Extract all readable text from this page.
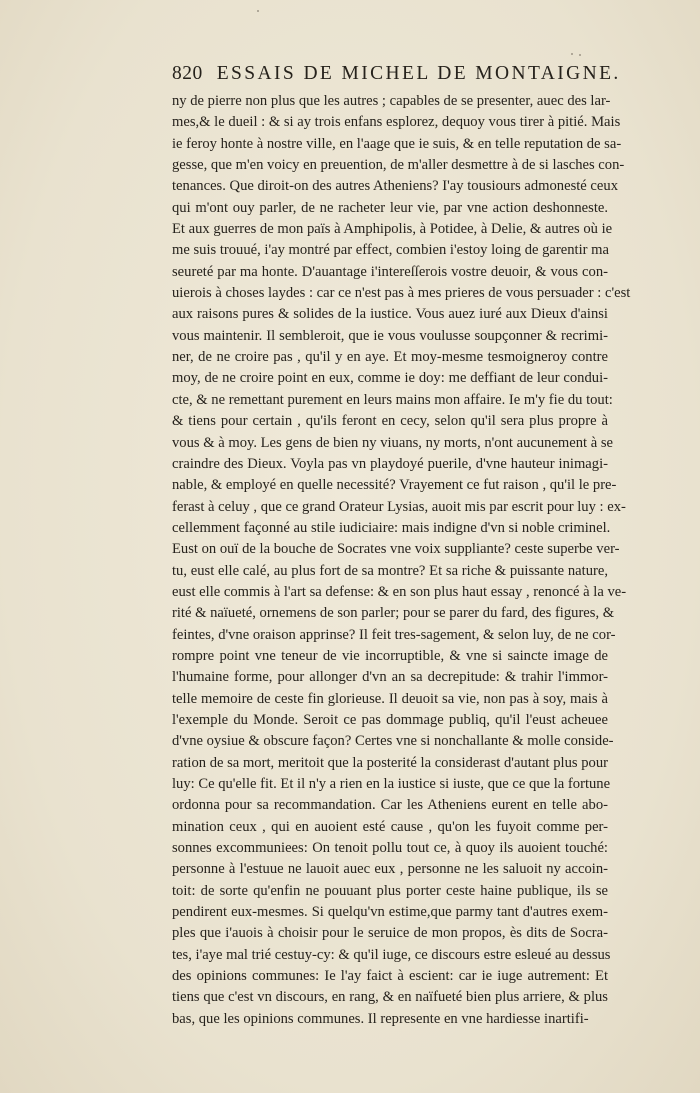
820 ESSAIS DE MICHEL DE MONTAIGNE.
ny de pierre non plus que les autres ; capables de se presenter, auec des lar-
mes,& le dueil : & si ay trois enfans esplorez, dequoy vous tirer à pitié. Mais
ie feroy honte à nostre ville, en l'aage que ie suis, & en telle reputation de sa-
gesse, que m'en voicy en preuention, de m'aller desmettre à de si lasches con-
tenances. Que diroit-on des autres Atheniens? I'ay tousiours admonesté ceux
qui m'ont ouy parler, de ne racheter leur vie, par vne action deshonneste.
Et aux guerres de mon païs à Amphipolis, à Potidee, à Delie, & autres où ie
me suis trouué, i'ay montré par effect, combien i'estoy loing de garentir ma
seureté par ma honte. D'auantage i'intereſſerois vostre deuoir, & vous con-
uierois à choses laydes : car ce n'est pas à mes prieres de vous persuader : c'est
aux raisons pures & solides de la iustice. Vous auez iuré aux Dieux d'ainsi
vous maintenir. Il sembleroit, que ie vous voulusse soupçonner & recrimi-
ner, de ne croire pas , qu'il y en aye. Et moy-mesme tesmoigneroy contre
moy, de ne croire point en eux, comme ie doy: me deffiant de leur condui-
cte, & ne remettant purement en leurs mains mon affaire. Ie m'y fie du tout:
& tiens pour certain , qu'ils feront en cecy, selon qu'il sera plus propre à
vous & à moy. Les gens de bien ny viuans, ny morts, n'ont aucunement à se
craindre des Dieux. Voyla pas vn playdoyé puerile, d'vne hauteur inimagi-
nable, & employé en quelle necessité? Vrayement ce fut raison , qu'il le pre-
ferast à celuy , que ce grand Orateur Lysias, auoit mis par escrit pour luy : ex-
cellemment façonné au stile iudiciaire: mais indigne d'vn si noble criminel.
Eust on ouï de la bouche de Socrates vne voix suppliante? ceste superbe ver-
tu, eust elle calé, au plus fort de sa montre? Et sa riche & puissante nature,
eust elle commis à l'art sa defense: & en son plus haut essay , renoncé à la ve-
rité & naïueté, ornemens de son parler; pour se parer du fard, des figures, &
feintes, d'vne oraison apprinse? Il feit tres-sagement, & selon luy, de ne cor-
rompre point vne teneur de vie incorruptible, & vne si saincte image de
l'humaine forme, pour allonger d'vn an sa decrepitude: & trahir l'immor-
telle memoire de ceste fin glorieuse. Il deuoit sa vie, non pas à soy, mais à
l'exemple du Monde. Seroit ce pas dommage publiq, qu'il l'eust acheuee
d'vne oysiue & obscure façon? Certes vne si nonchallante & molle conside-
ration de sa mort, meritoit que la posterité la considerast d'autant plus pour
luy: Ce qu'elle fit. Et il n'y a rien en la iustice si iuste, que ce que la fortune
ordonna pour sa recommandation. Car les Atheniens eurent en telle abo-
mination ceux , qui en auoient esté cause , qu'on les fuyoit comme per-
sonnes excommuniees: On tenoit pollu tout ce, à quoy ils auoient touché:
personne à l'estuue ne lauoit auec eux , personne ne les saluoit ny accoin-
toit: de sorte qu'enfin ne pouuant plus porter ceste haine publique, ils se
pendirent eux-mesmes. Si quelqu'vn estime,que parmy tant d'autres exem-
ples que i'auois à choisir pour le seruice de mon propos, ès dits de Socra-
tes, i'aye mal trié cestuy-cy: & qu'il iuge, ce discours estre esleué au dessus
des opinions communes: Ie l'ay faict à escient: car ie iuge autrement: Et
tiens que c'est vn discours, en rang, & en naïfueté bien plus arriere, & plus
bas, que les opinions communes. Il represente en vne hardiesse inartifi-
